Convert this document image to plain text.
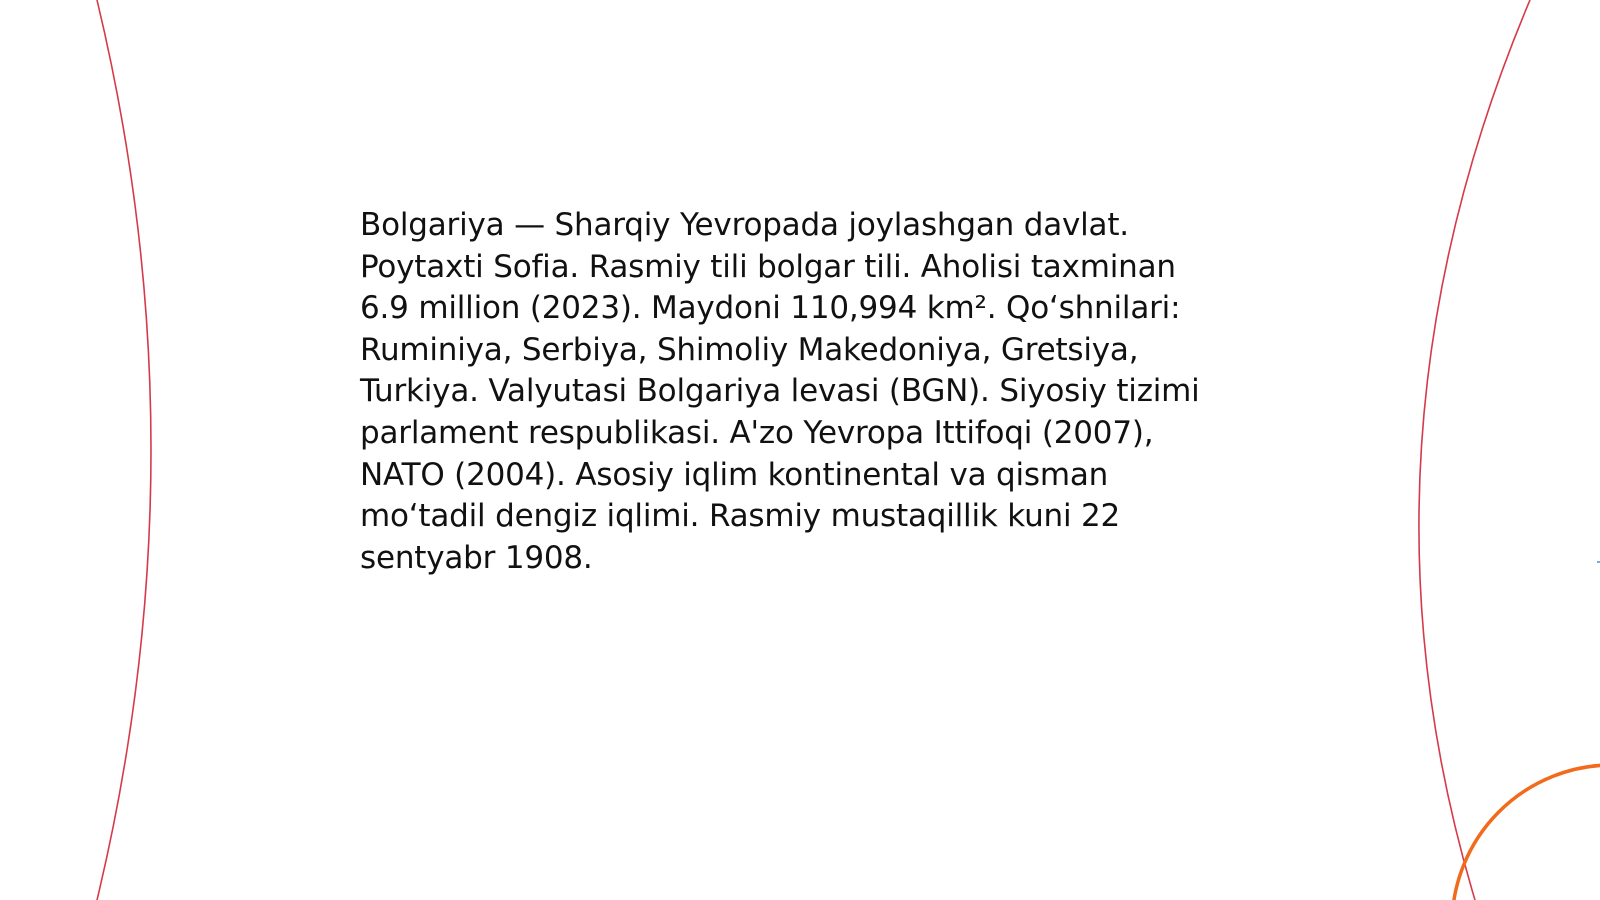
Bolgariya — Sharqiy Yevropada joylashgan davlat.
Poytaxti Sofia. Rasmiy tili bolgar tili. Aholisi taxminan
6.9 million (2023). Maydoni 110,994 km². Qo‘shnilari:
Ruminiya, Serbiya, Shimoliy Makedoniya, Gretsiya,
Turkiya. Valyutasi Bolgariya levasi (BGN). Siyosiy tizimi
parlament respublikasi. A'zo Yevropa Ittifoqi (2007),
NATO (2004). Asosiy iqlim kontinental va qisman
mo‘tadil dengiz iqlimi. Rasmiy mustaqillik kuni 22
sentyabr 1908.
